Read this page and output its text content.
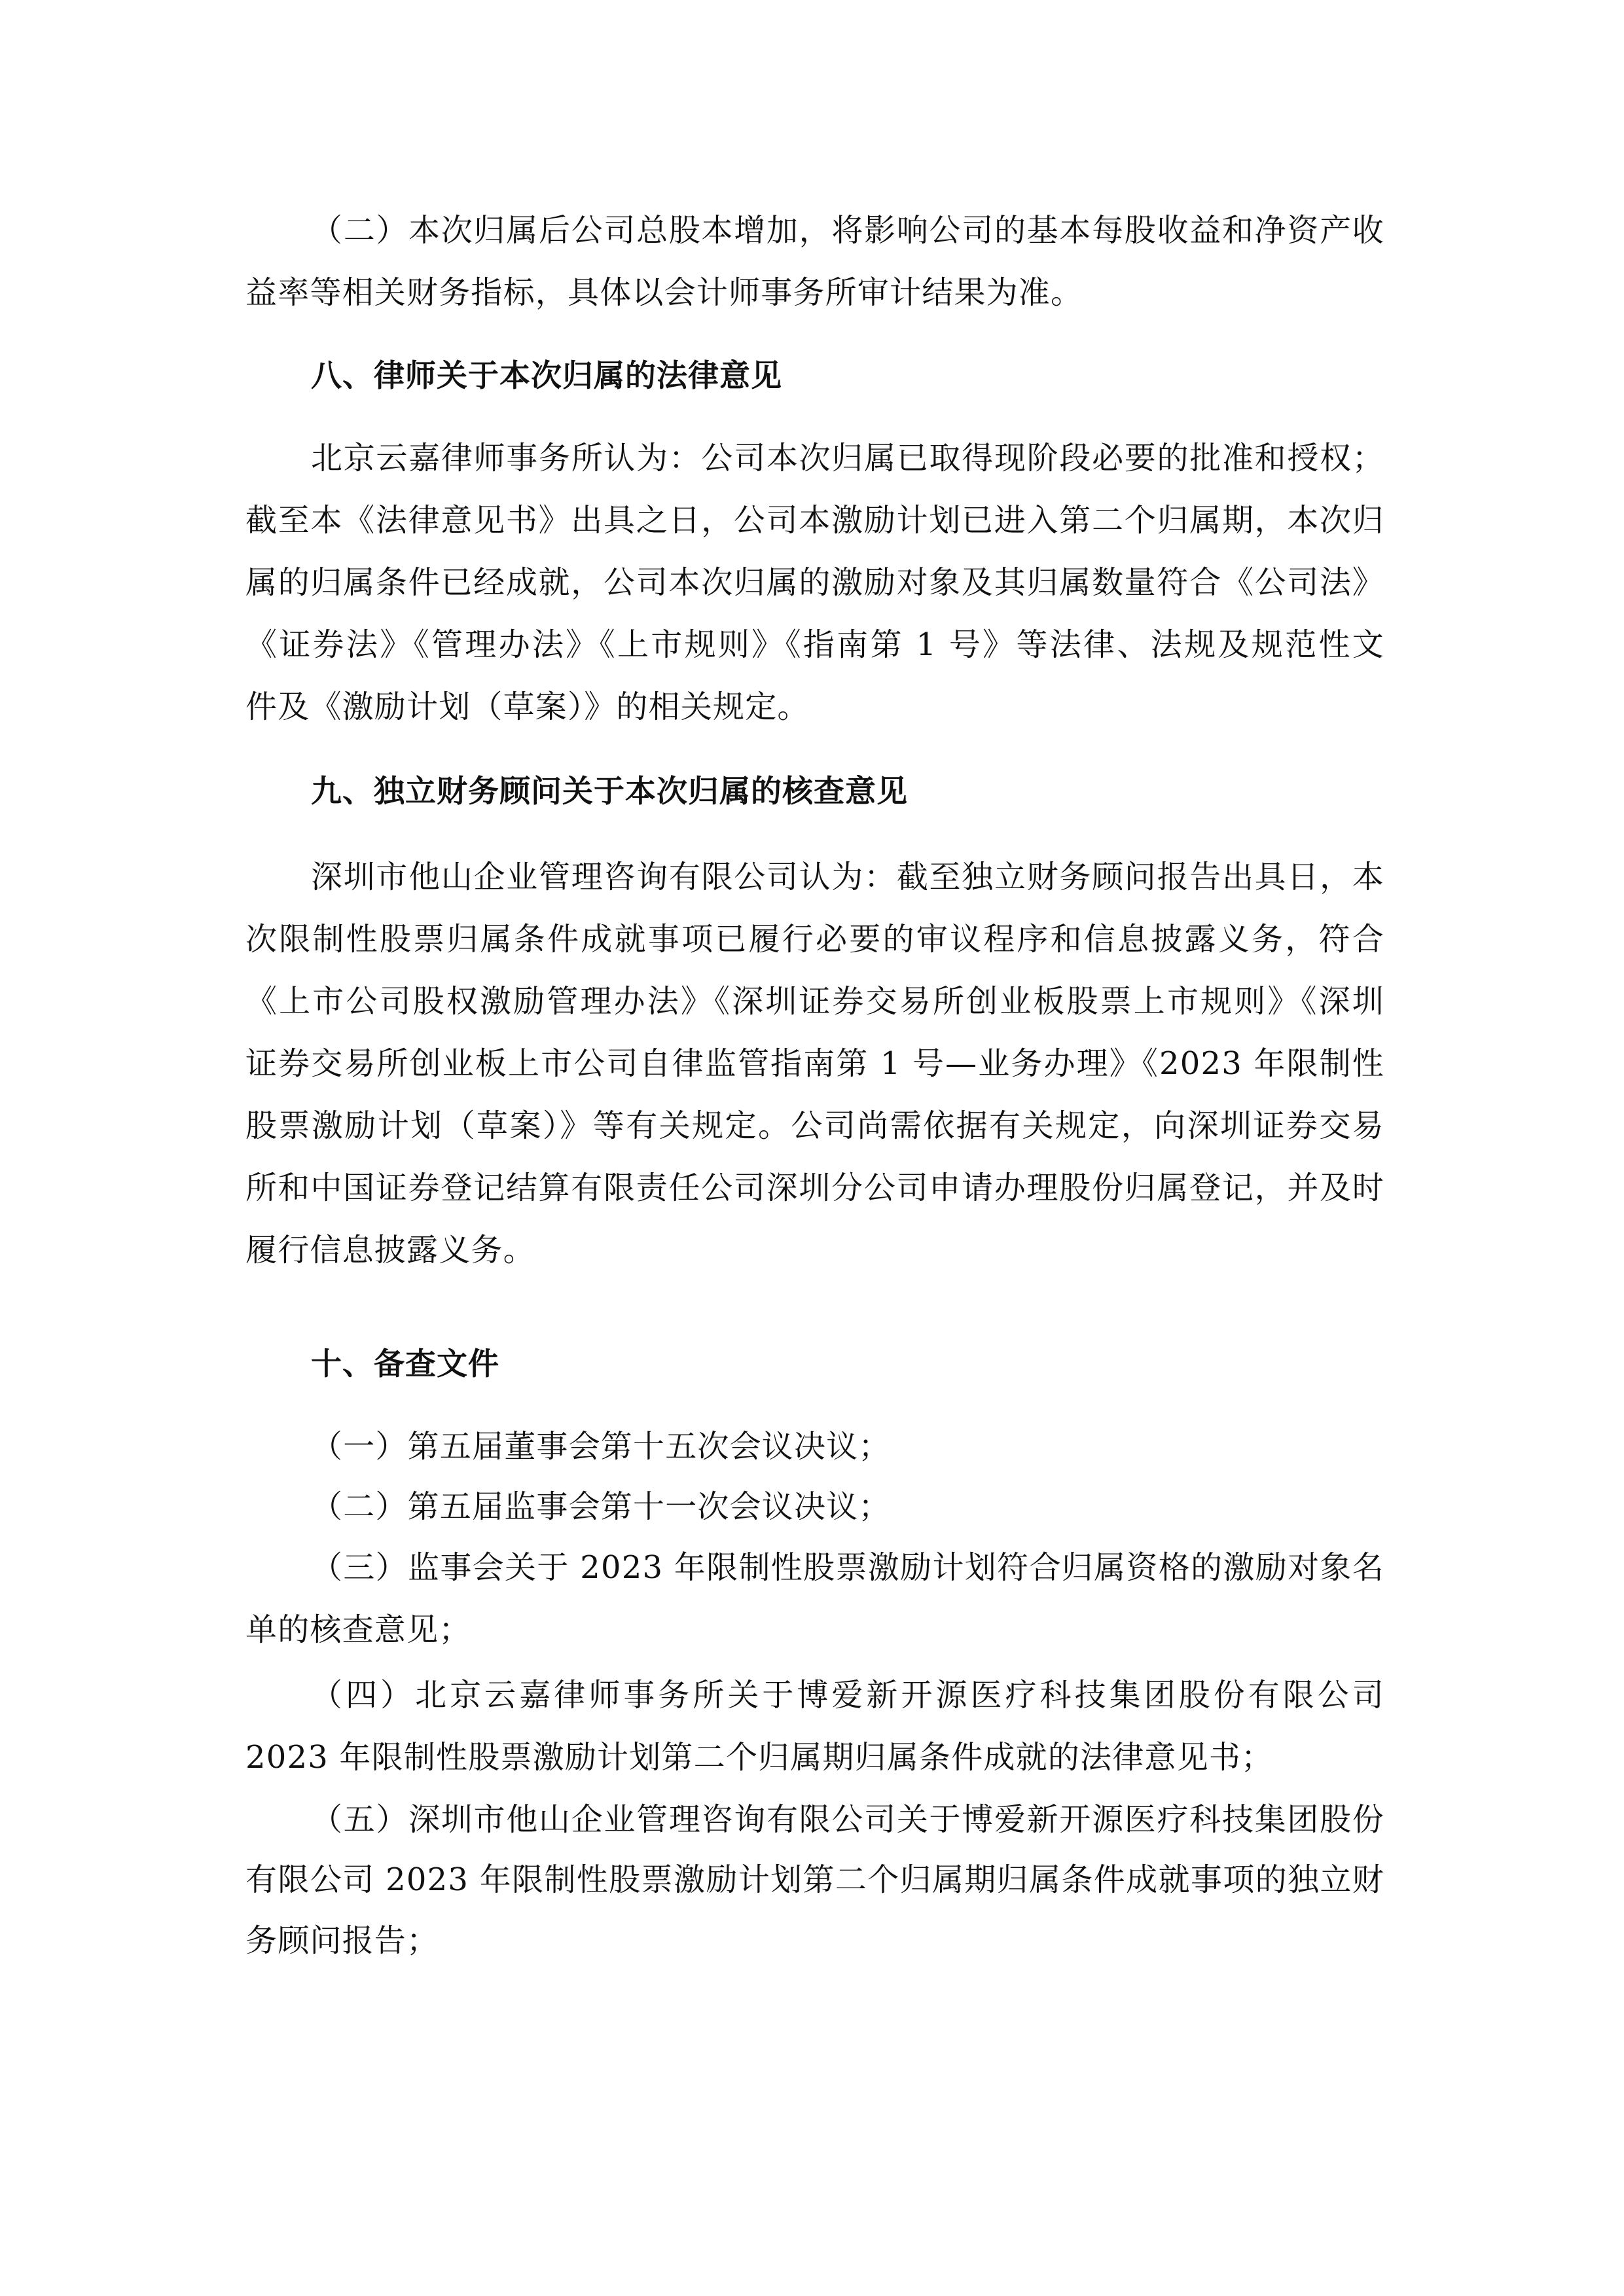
（二）本次归属后公司总股本增加，将影响公司的基本每股收益和净资产收
益率等相关财务指标，具体以会计师事务所审计结果为准。
八、律师关于本次归属的法律意见
北京云嘉律师事务所认为：公司本次归属已取得现阶段必要的批准和授权；
截至本《法律意见书》出具之日，公司本激励计划已进入第二个归属期，本次归
属的归属条件已经成就，公司本次归属的激励对象及其归属数量符合《公司法》
《证券法》《管理办法》《上市规则》《指南第 1 号》等法律、法规及规范性文
件及《激励计划（草案）》的相关规定。
九、独立财务顾问关于本次归属的核查意见
深圳市他山企业管理咨询有限公司认为：截至独立财务顾问报告出具日，本
次限制性股票归属条件成就事项已履行必要的审议程序和信息披露义务，符合
《上市公司股权激励管理办法》《深圳证券交易所创业板股票上市规则》《深圳
证券交易所创业板上市公司自律监管指南第 1 号—业务办理》《2023 年限制性
股票激励计划（草案）》等有关规定。公司尚需依据有关规定，向深圳证券交易
所和中国证券登记结算有限责任公司深圳分公司申请办理股份归属登记，并及时
履行信息披露义务。
十、备查文件
（一）第五届董事会第十五次会议决议；
（二）第五届监事会第十一次会议决议；
（三）监事会关于 2023 年限制性股票激励计划符合归属资格的激励对象名
单的核查意见；
（四）北京云嘉律师事务所关于博爱新开源医疗科技集团股份有限公司
2023 年限制性股票激励计划第二个归属期归属条件成就的法律意见书；
（五）深圳市他山企业管理咨询有限公司关于博爱新开源医疗科技集团股份
有限公司 2023 年限制性股票激励计划第二个归属期归属条件成就事项的独立财
务顾问报告；
